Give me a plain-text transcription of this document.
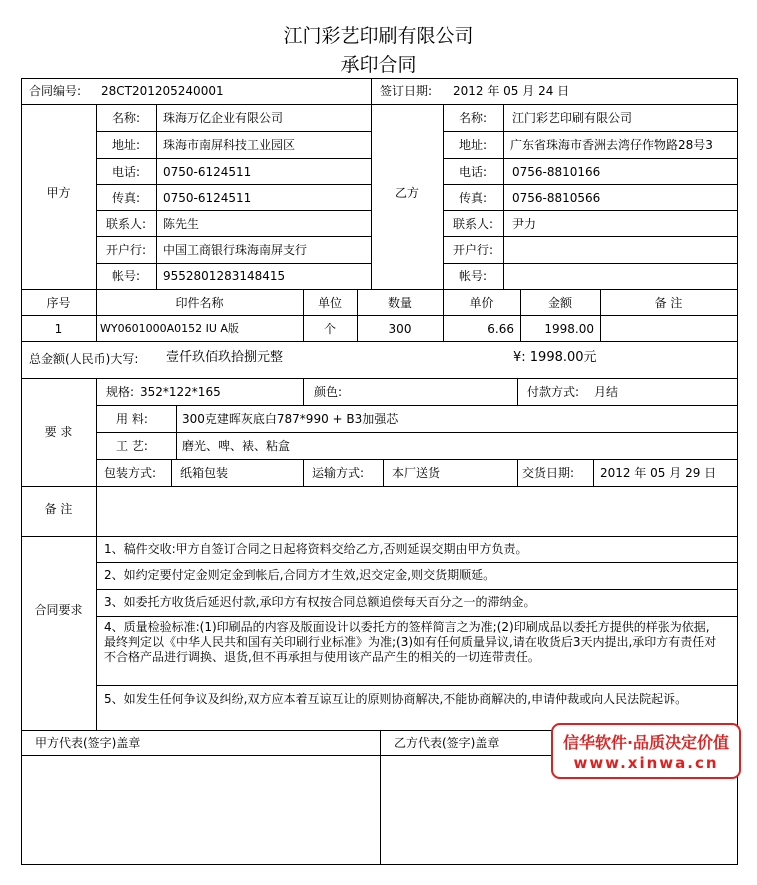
江门彩艺印刷有限公司
承印合同
合同编号: 28CT201205240001	签订日期: 2012 年 05 月 24 日
甲方
名称:	珠海万亿企业有限公司
地址:	珠海市南屏科技工业园区
电话:	0750-6124511
传真:	0750-6124511
联系人:	陈先生
开户行:	中国工商银行珠海南屏支行
帐号:	9552801283148415
乙方
名称:	江门彩艺印刷有限公司
地址:	广东省珠海市香洲去湾仔作物路28号3
电话:	0756-8810166
传真:	0756-8810566
联系人:	尹力
开户行:
帐号:
序号	印件名称	单位	数量	单价	金额	备 注
1	WY0601000A0152 IU A版	个	300	6.66	1998.00
总金额(人民币)大写: 壹仟玖佰玖拾捌元整	¥: 1998.00元
要 求
规格: 352*122*165	颜色:	付款方式: 月结
用 料:	300克建晖灰底白787*990 + B3加强芯
工 艺:	磨光、啤、裱、粘盒
包装方式: 纸箱包装	运输方式: 本厂送货	交货日期: 2012 年 05 月 29 日
备 注
合同要求
1、稿件交收:甲方自签订合同之日起将资料交给乙方,否则延误交期由甲方负责。
2、如约定要付定金则定金到帐后,合同方才生效,迟交定金,则交货期顺延。
3、如委托方收货后延迟付款,承印方有权按合同总额追偿每天百分之一的滞纳金。
4、质量检验标准:(1)印刷品的内容及版面设计以委托方的签样简言之为准;(2)印刷成品以委托方提供的样张为依据,最终判定以《中华人民共和国有关印刷行业标准》为准;(3)如有任何质量异议,请在收货后3天内提出,承印方有责任对不合格产品进行调换、退货,但不再承担与使用该产品产生的相关的一切连带责任。
5、如发生任何争议及纠纷,双方应本着互谅互让的原则协商解决,不能协商解决的,申请仲裁或向人民法院起诉。
甲方代表(签字)盖章	乙方代表(签字)盖章	信华软件·品质决定价值
www.xinwa.cn
